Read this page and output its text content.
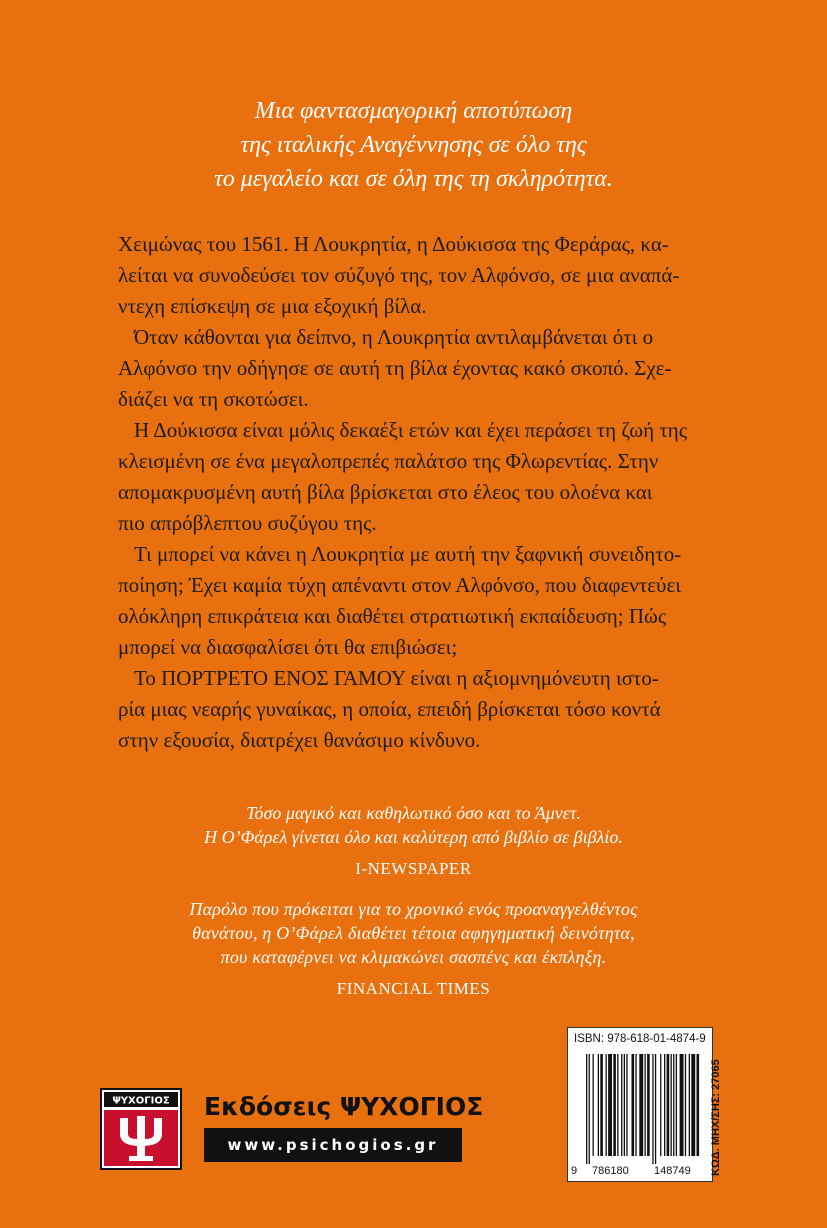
Μια φαντασμαγορική αποτύπωση
της ιταλικής Αναγέννησης σε όλο της
το μεγαλείο και σε όλη της τη σκληρότητα.
Χειμώνας του 1561. Η Λουκρητία, η Δούκισσα της Φεράρας, κα-
λείται να συνοδεύσει τον σύζυγό της, τον Αλφόνσο, σε μια αναπά-
ντεχη επίσκεψη σε μια εξοχική βίλα.
Όταν κάθονται για δείπνο, η Λουκρητία αντιλαμβάνεται ότι ο
Αλφόνσο την οδήγησε σε αυτή τη βίλα έχοντας κακό σκοπό. Σχε-
διάζει να τη σκοτώσει.
Η Δούκισσα είναι μόλις δεκαέξι ετών και έχει περάσει τη ζωή της
κλεισμένη σε ένα μεγαλοπρεπές παλάτσο της Φλωρεντίας. Στην
απομακρυσμένη αυτή βίλα βρίσκεται στο έλεος του ολοένα και
πιο απρόβλεπτου συζύγου της.
Τι μπορεί να κάνει η Λουκρητία με αυτή την ξαφνική συνειδητο-
ποίηση; Έχει καμία τύχη απέναντι στον Αλφόνσο, που διαφεντεύει
ολόκληρη επικράτεια και διαθέτει στρατιωτική εκπαίδευση; Πώς
μπορεί να διασφαλίσει ότι θα επιβιώσει;
Το ΠΟΡΤΡΕΤΟ ΕΝΟΣ ΓΑΜΟΥ είναι η αξιομνημόνευτη ιστο-
ρία μιας νεαρής γυναίκας, η οποία, επειδή βρίσκεται τόσο κοντά
στην εξουσία, διατρέχει θανάσιμο κίνδυνο.
Τόσο μαγικό και καθηλωτικό όσο και το Άμνετ.
Η Ο’Φάρελ γίνεται όλο και καλύτερη από βιβλίο σε βιβλίο.
I-NEWSPAPER
Παρόλο που πρόκειται για το χρονικό ενός προαναγγελθέντος
θανάτου, η Ο’Φάρελ διαθέτει τέτοια αφηγηματική δεινότητα,
που καταφέρνει να κλιμακώνει σασπένς και έκπληξη.
FINANCIAL TIMES
ΨΥΧΟΓΙΟΣ Εκδόσεις ΨΥΧΟΓΙΟΣ
www.psichogios.gr
ISBN: 978-618-01-4874-9
9 786180 148749 ΚΩΔ. ΜΗΧ/ΣΗΣ: 27065
